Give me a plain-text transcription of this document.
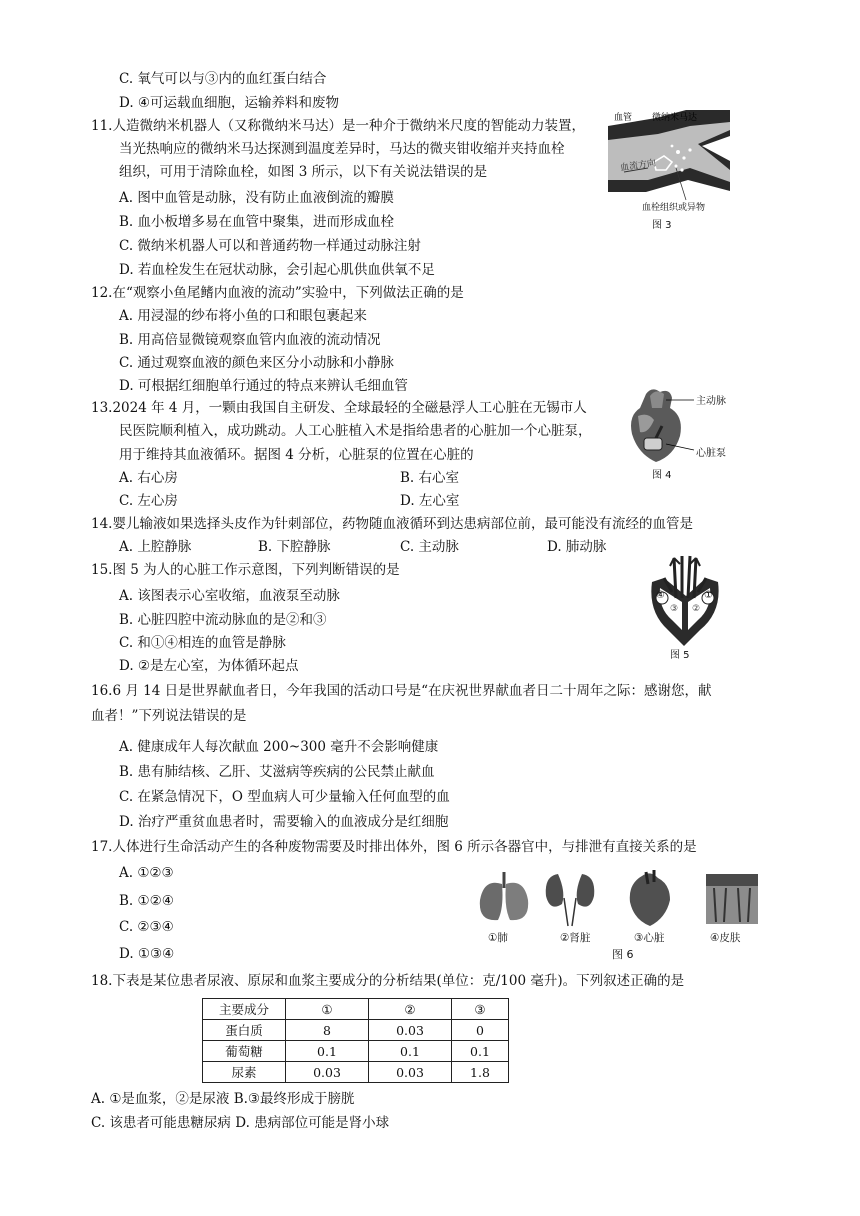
C. 氧气可以与③内的血红蛋白结合
D. ④可运载血细胞，运输养料和废物
11.人造微纳米机器人（又称微纳米马达）是一种介于微纳米尺度的智能动力装置，
当光热响应的微纳米马达探测到温度差异时，马达的微夹钳收缩并夹持血栓
组织，可用于清除血栓，如图 3 所示，以下有关说法错误的是
A. 图中血管是动脉，没有防止血液倒流的瓣膜
B. 血小板增多易在血管中聚集，进而形成血栓
C. 微纳米机器人可以和普通药物一样通过动脉注射
D. 若血栓发生在冠状动脉，会引起心肌供血供氧不足
12.在“观察小鱼尾鳍内血液的流动”实验中，下列做法正确的是
A. 用浸湿的纱布将小鱼的口和眼包裹起来
B. 用高倍显微镜观察血管内血液的流动情况
C. 通过观察血液的颜色来区分小动脉和小静脉
D. 可根据红细胞单行通过的特点来辨认毛细血管
13.2024 年 4 月，一颗由我国自主研发、全球最轻的全磁悬浮人工心脏在无锡市人
民医院顺利植入，成功跳动。人工心脏植入术是指给患者的心脏加一个心脏泵，
用于维持其血液循环。据图 4 分析，心脏泵的位置在心脏的
A. 右心房	B. 右心室
C. 左心房	D. 左心室
14.婴儿输液如果选择头皮作为针刺部位，药物随血液循环到达患病部位前，最可能没有流经的血管是
A. 上腔静脉	B. 下腔静脉	C. 主动脉	D. 肺动脉
15.图 5 为人的心脏工作示意图，下列判断错误的是
A. 该图表示心室收缩，血液泵至动脉
B. 心脏四腔中流动脉血的是②和③
C. 和①④相连的血管是静脉
D. ②是左心室，为体循环起点
16.6 月 14 日是世界献血者日，今年我国的活动口号是“在庆祝世界献血者日二十周年之际：感谢您，献
血者！”下列说法错误的是
A. 健康成年人每次献血 200~300 毫升不会影响健康
B. 患有肺结核、乙肝、艾滋病等疾病的公民禁止献血
C. 在紧急情况下，O 型血病人可少量输入任何血型的血
D. 治疗严重贫血患者时，需要输入的血液成分是红细胞
17.人体进行生命活动产生的各种废物需要及时排出体外，图 6 所示各器官中，与排泄有直接关系的是
A. ①②③
B. ①②④
C. ②③④
D. ①③④
18.下表是某位患者尿液、原尿和血浆主要成分的分析结果(单位：克/100 毫升)。下列叙述正确的是
A. ①是血浆，②是尿液 B.③最终形成于膀胱
C. 该患者可能患糖尿病 D. 患病部位可能是肾小球
血管 微纳米马达
血流方向
血栓组织或异物
图 3
主动脉
心脏泵
图 4
④	①
③ ②
图 5
①肺	②肾脏	③心脏	④皮肤
图 6
主要成分	①	②	③
蛋白质	8	0.03	0
葡萄糖	0.1	0.1	0.1
尿素	0.03	0.03	1.8
